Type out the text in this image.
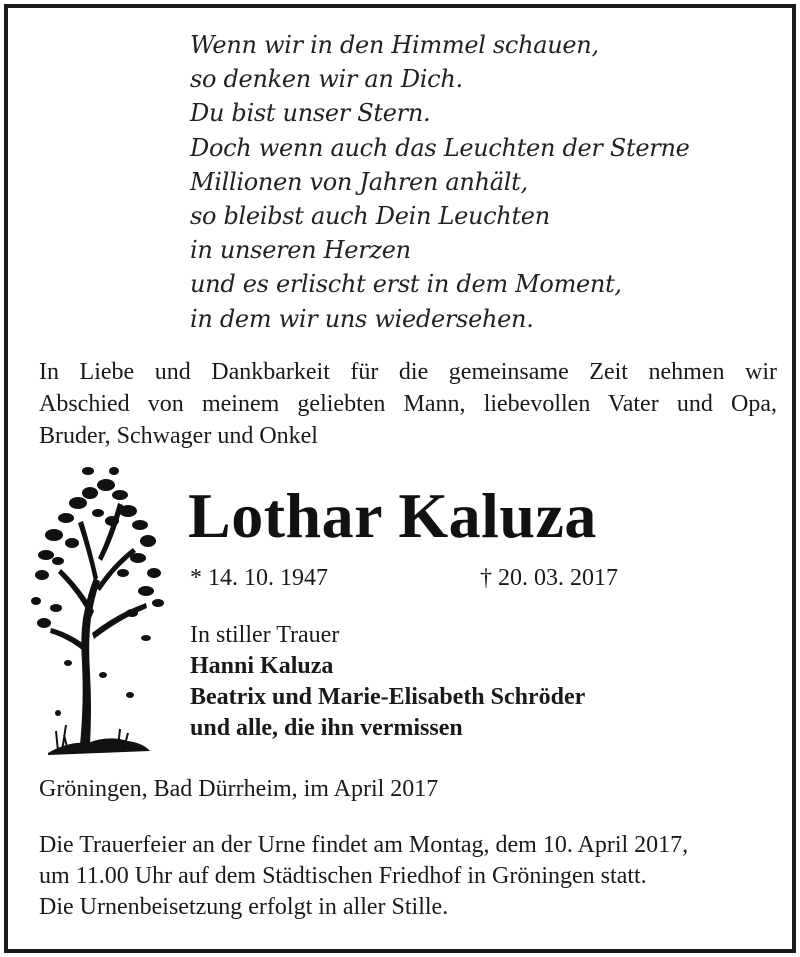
Wenn wir in den Himmel schauen,
so denken wir an Dich.
Du bist unser Stern.
Doch wenn auch das Leuchten der Sterne
Millionen von Jahren anhält,
so bleibst auch Dein Leuchten
in unseren Herzen
und es erlischt erst in dem Moment,
in dem wir uns wiedersehen.
In Liebe und Dankbarkeit für die gemeinsame Zeit nehmen wir
Abschied von meinem geliebten Mann, liebevollen Vater und Opa,
Bruder, Schwager und Onkel
Lothar Kaluza
* 14. 10. 1947	† 20. 03. 2017
In stiller Trauer
Hanni Kaluza
Beatrix und Marie-Elisabeth Schröder
und alle, die ihn vermissen
Gröningen, Bad Dürrheim, im April 2017
Die Trauerfeier an der Urne findet am Montag, dem 10. April 2017,
um 11.00 Uhr auf dem Städtischen Friedhof in Gröningen statt.
Die Urnenbeisetzung erfolgt in aller Stille.
